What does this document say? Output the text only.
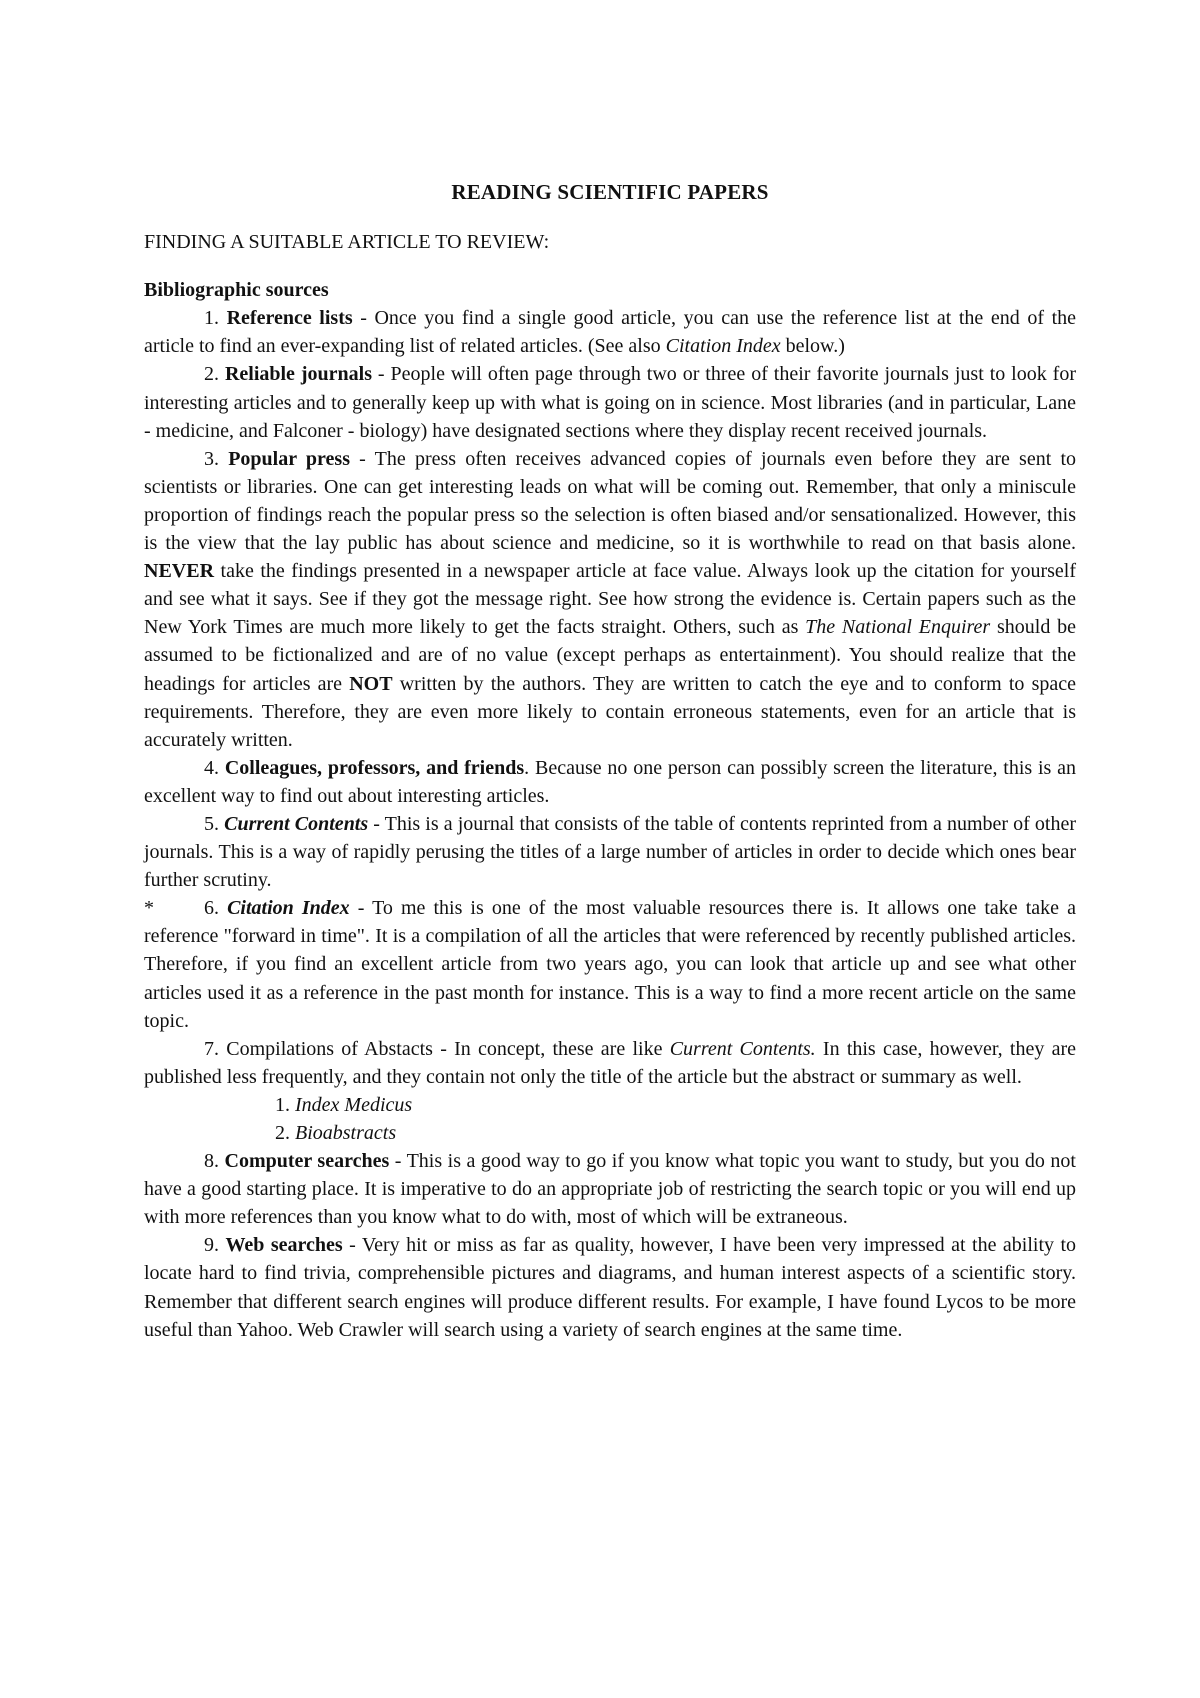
READING SCIENTIFIC PAPERS

FINDING A SUITABLE ARTICLE TO REVIEW:

Bibliographic sources

1. Reference lists - Once you find a single good article, you can use the reference list at the end of the article to find an ever-expanding list of related articles. (See also Citation Index below.)

2. Reliable journals - People will often page through two or three of their favorite journals just to look for interesting articles and to generally keep up with what is going on in science. Most libraries (and in particular, Lane - medicine, and Falconer - biology) have designated sections where they display recent received journals.

3. Popular press - The press often receives advanced copies of journals even before they are sent to scientists or libraries. One can get interesting leads on what will be coming out. Remember, that only a miniscule proportion of findings reach the popular press so the selection is often biased and/or sensationalized. However, this is the view that the lay public has about science and medicine, so it is worthwhile to read on that basis alone. NEVER take the findings presented in a newspaper article at face value. Always look up the citation for yourself and see what it says. See if they got the message right. See how strong the evidence is. Certain papers such as the New York Times are much more likely to get the facts straight. Others, such as The National Enquirer should be assumed to be fictionalized and are of no value (except perhaps as entertainment). You should realize that the headings for articles are NOT written by the authors. They are written to catch the eye and to conform to space requirements. Therefore, they are even more likely to contain erroneous statements, even for an article that is accurately written.

4. Colleagues, professors, and friends. Because no one person can possibly screen the literature, this is an excellent way to find out about interesting articles.

5. Current Contents - This is a journal that consists of the table of contents reprinted from a number of other journals. This is a way of rapidly perusing the titles of a large number of articles in order to decide which ones bear further scrutiny.

*	6. Citation Index - To me this is one of the most valuable resources there is. It allows one take take a reference "forward in time". It is a compilation of all the articles that were referenced by recently published articles. Therefore, if you find an excellent article from two years ago, you can look that article up and see what other articles used it as a reference in the past month for instance. This is a way to find a more recent article on the same topic.

7. Compilations of Abstacts - In concept, these are like Current Contents. In this case, however, they are published less frequently, and they contain not only the title of the article but the abstract or summary as well.

1. Index Medicus

2. Bioabstracts

8. Computer searches - This is a good way to go if you know what topic you want to study, but you do not have a good starting place. It is imperative to do an appropriate job of restricting the search topic or you will end up with more references than you know what to do with, most of which will be extraneous.

9. Web searches - Very hit or miss as far as quality, however, I have been very impressed at the ability to locate hard to find trivia, comprehensible pictures and diagrams, and human interest aspects of a scientific story. Remember that different search engines will produce different results. For example, I have found Lycos to be more useful than Yahoo. Web Crawler will search using a variety of search engines at the same time.
